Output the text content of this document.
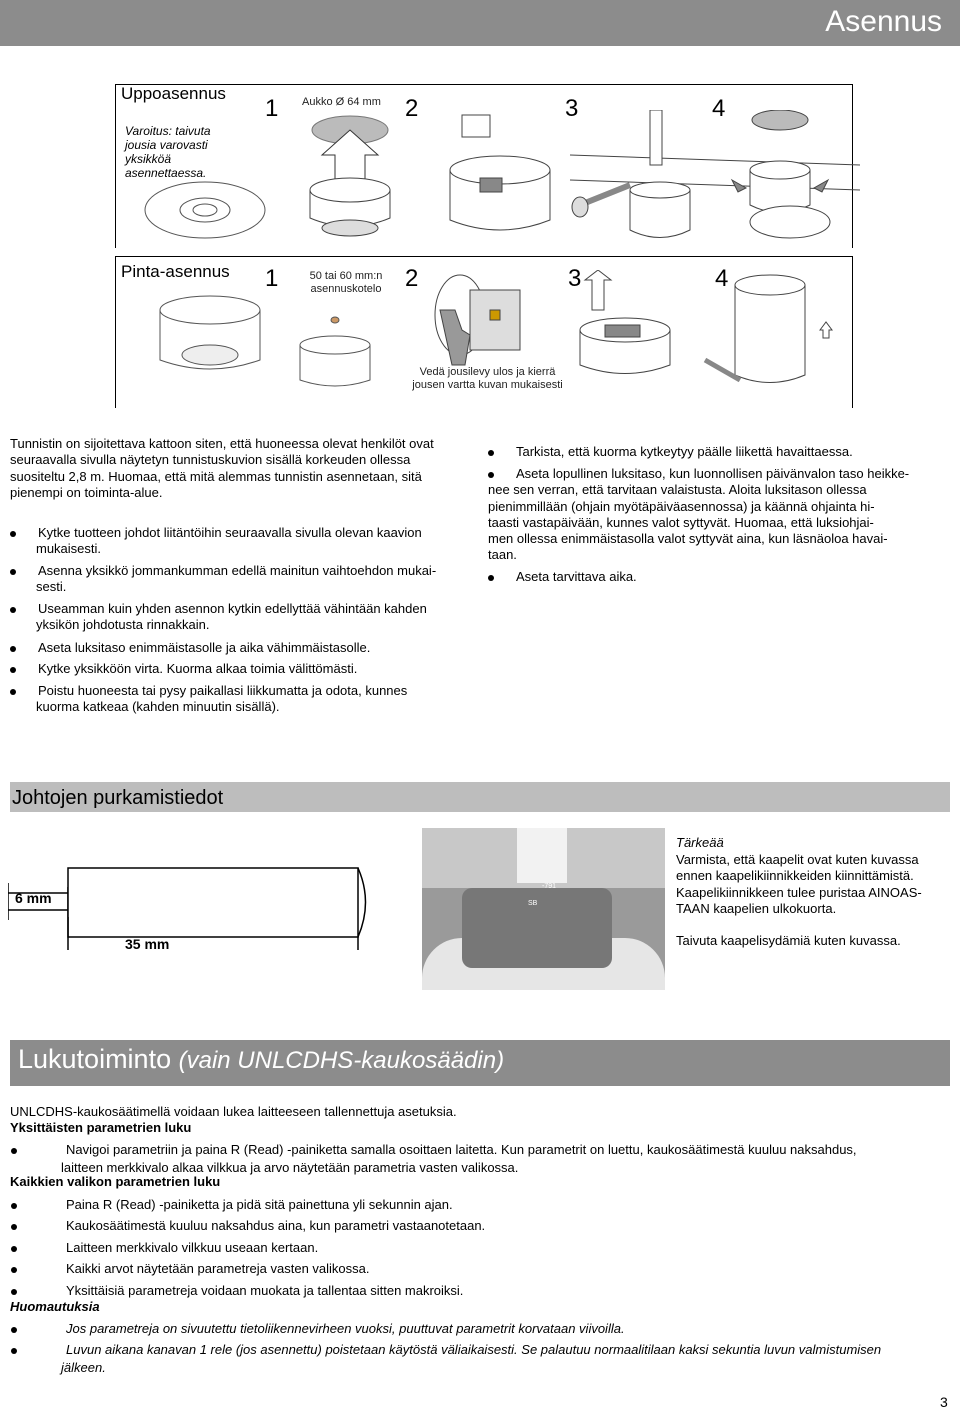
Asennus
Uppoasennus
Varoitus: taivuta
jousia varovasti
yksikköä
asennettaessa.
1 Aukko Ø 64 mm 2	3	4
Pinta-asennus 1	50 tai 60 mm:n
asennuskotelo 2	3	4
Vedä jousilevy ulos ja kierrä
jousen vartta kuvan mukaisesti
Tunnistin on sijoitettava kattoon siten, että huoneessa olevat henkilöt ovat
seuraavalla sivulla näytetyn tunnistuskuvion sisällä korkeuden ollessa
suositeltu 2,8 m. Huomaa, että mitä alemmas tunnistin asennetaan, sitä
pienempi on toiminta-alue.
Kytke tuotteen johdot liitäntöihin seuraavalla sivulla olevan kaavion
mukaisesti.
Asenna yksikkö jommankumman edellä mainitun vaihtoehdon mukai-
sesti.
Useamman kuin yhden asennon kytkin edellyttää vähintään kahden
yksikön johdotusta rinnakkain.
Aseta luksitaso enimmäistasolle ja aika vähimmäistasolle.
Kytke yksikköön virta. Kuorma alkaa toimia välittömästi.
Poistu huoneesta tai pysy paikallasi liikkumatta ja odota, kunnes
kuorma katkeaa (kahden minuutin sisällä).
Tarkista, että kuorma kytkeytyy päälle liikettä havaittaessa.
Aseta lopullinen luksitaso, kun luonnollisen päivänvalon taso heikke-
nee sen verran, että tarvitaan valaistusta. Aloita luksitason ollessa
pienimmillään (ohjain myötäpäiväasennossa) ja käännä ohjainta hi-
taasti vastapäivään, kunnes valot syttyvät. Huomaa, että luksiohjai-
men ollessa enimmäistasolla valot syttyvät aina, kun läsnäoloa havai-
taan.
Aseta tarvittava aika.
Johtojen purkamistiedot
6 mm
35 mm
-791
SB
Tärkeää
Varmista, että kaapelit ovat kuten kuvassa
ennen kaapelikiinnikkeiden kiinnittämistä.
Kaapelikiinnikkeen tulee puristaa AINOAS-
TAAN kaapelien ulkokuorta.
Taivuta kaapelisydämiä kuten kuvassa.
Lukutoiminto (vain UNLCDHS-kaukosäädin)
UNLCDHS-kaukosäätimellä voidaan lukea laitteeseen tallennettuja asetuksia.
Yksittäisten parametrien luku
Navigoi parametriin ja paina R (Read) -painiketta samalla osoittaen laitetta. Kun parametrit on luettu, kaukosäätimestä kuuluu naksahdus,
laitteen merkkivalo alkaa vilkkua ja arvo näytetään parametria vasten valikossa.
Kaikkien valikon parametrien luku
Paina R (Read) -painiketta ja pidä sitä painettuna yli sekunnin ajan.
Kaukosäätimestä kuuluu naksahdus aina, kun parametri vastaanotetaan.
Laitteen merkkivalo vilkkuu useaan kertaan.
Kaikki arvot näytetään parametreja vasten valikossa.
Yksittäisiä parametreja voidaan muokata ja tallentaa sitten makroiksi.
Huomautuksia
Jos parametreja on sivuutettu tietoliikennevirheen vuoksi, puuttuvat parametrit korvataan viivoilla.
Luvun aikana kanavan 1 rele (jos asennettu) poistetaan käytöstä väliaikaisesti. Se palautuu normaalitilaan kaksi sekuntia luvun valmistumisen
jälkeen.
3
